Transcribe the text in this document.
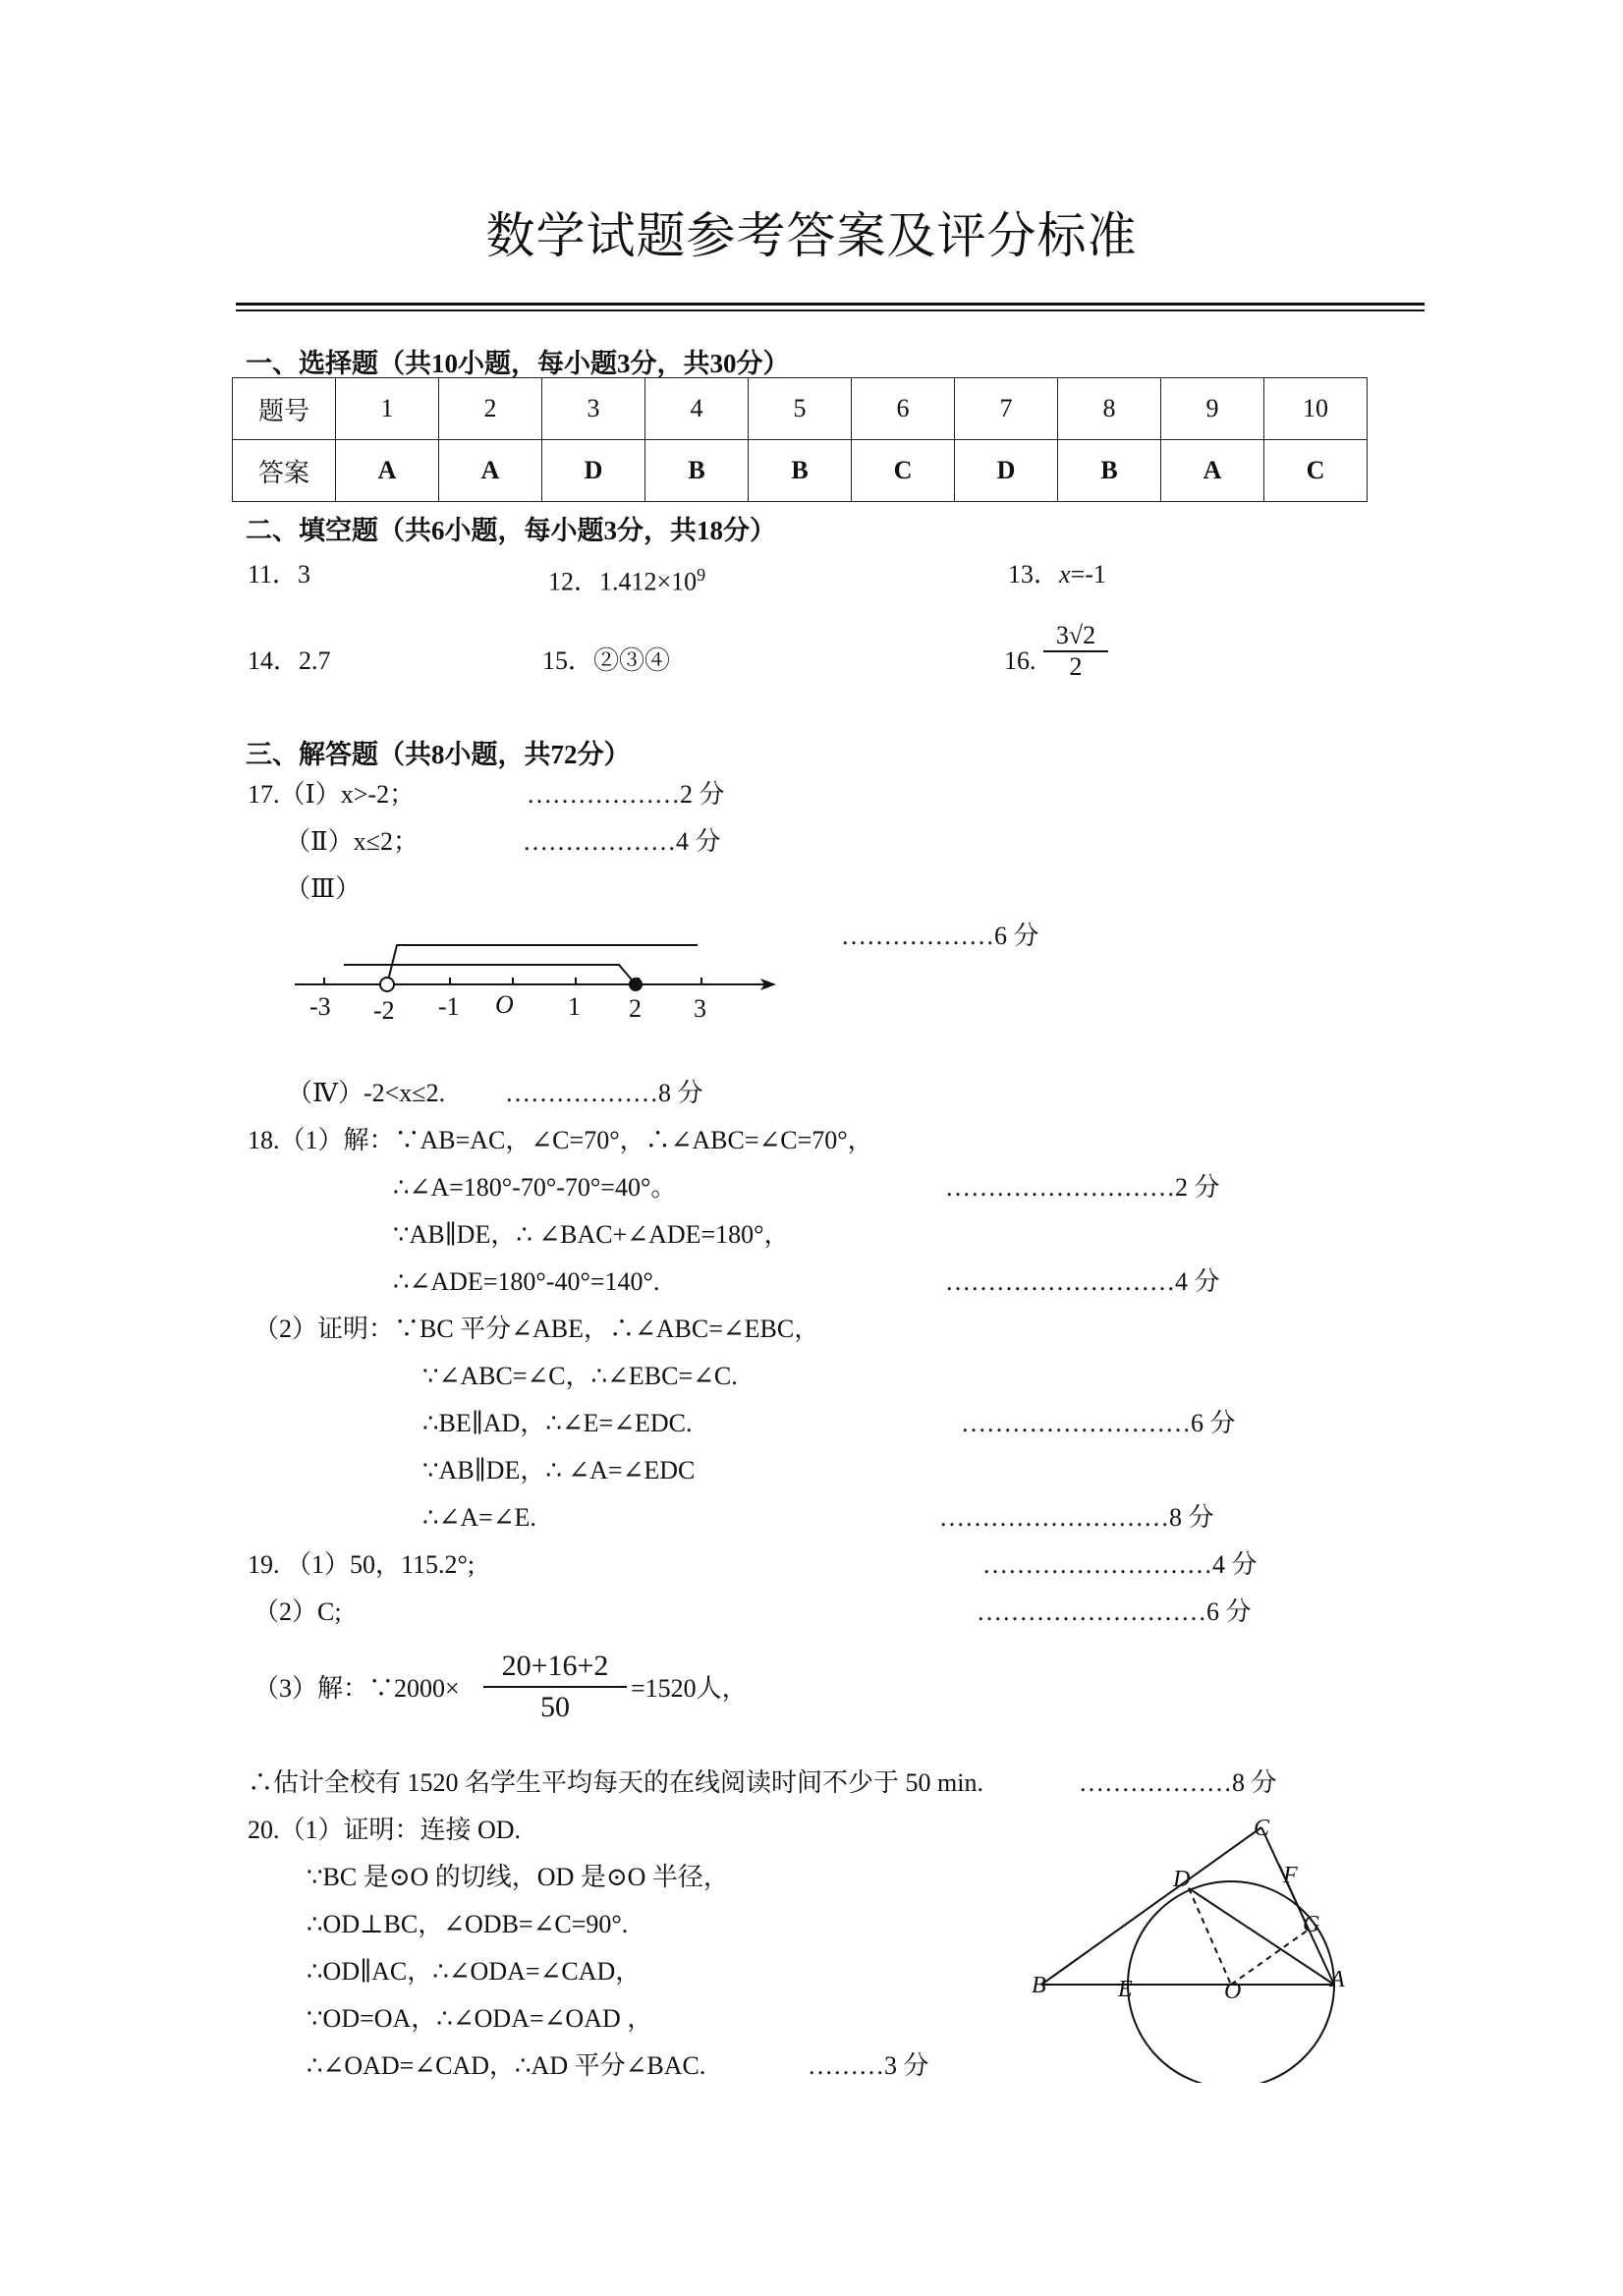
数学试题参考答案及评分标准
一、选择题（共10小题，每小题3分，共30分）
题号	1	2	3	4	5	6	7	8	9	10
答案	A	A	D	B	B	C	D	B	A	C
二、填空题（共6小题，每小题3分，共18分）
11．3	12．$1.412\times 10^9$	13．x=-1
14．2.7	15．②③④	16. $\frac{3√2}{2}$
三、解答题（共8小题，共72分）
17.（Ⅰ）x>-2；	………………2 分
（Ⅱ）x≤2；	………………4 分
（Ⅲ）
………………6 分
-3 -2 -1 O 1 2 3
（Ⅳ）-2<x≤2. ………………8 分
18.（1）解：∵AB=AC，∠C=70°，∴∠ABC=∠C=70°，
∴∠A=180°-70°-70°=40°。	………………………2 分
∵AB∥DE，∴ ∠BAC+∠ADE=180°，
∴∠ADE=180°-40°=140°.	………………………4 分
（2）证明：∵BC 平分∠ABE，∴∠ABC=∠EBC，
∵∠ABC=∠C，∴∠EBC=∠C.
∴BE∥AD，∴∠E=∠EDC.	………………………6 分
∵AB∥DE，∴ ∠A=∠EDC
∴∠A=∠E.	………………………8 分
19. （1）50，115.2°;	………………………4 分
（2）C;	………………………6 分
（3）解：∵2000× $\frac{20+16+2}{50} =1520$人，
∴估计全校有 1520 名学生平均每天的在线阅读时间不少于 50 min.	………………8 分
20.（1）证明：连接 OD.
∵BC 是⊙O 的切线，OD 是⊙O 半径，
∴OD⊥BC，∠ODB=∠C=90°.
∴OD∥AC，∴∠ODA=∠CAD，
∵OD=OA，∴∠ODA=∠OAD ，
∴∠OAD=∠CAD，∴AD 平分∠BAC.	………3 分
C
D	F
G
B	E	O	A
